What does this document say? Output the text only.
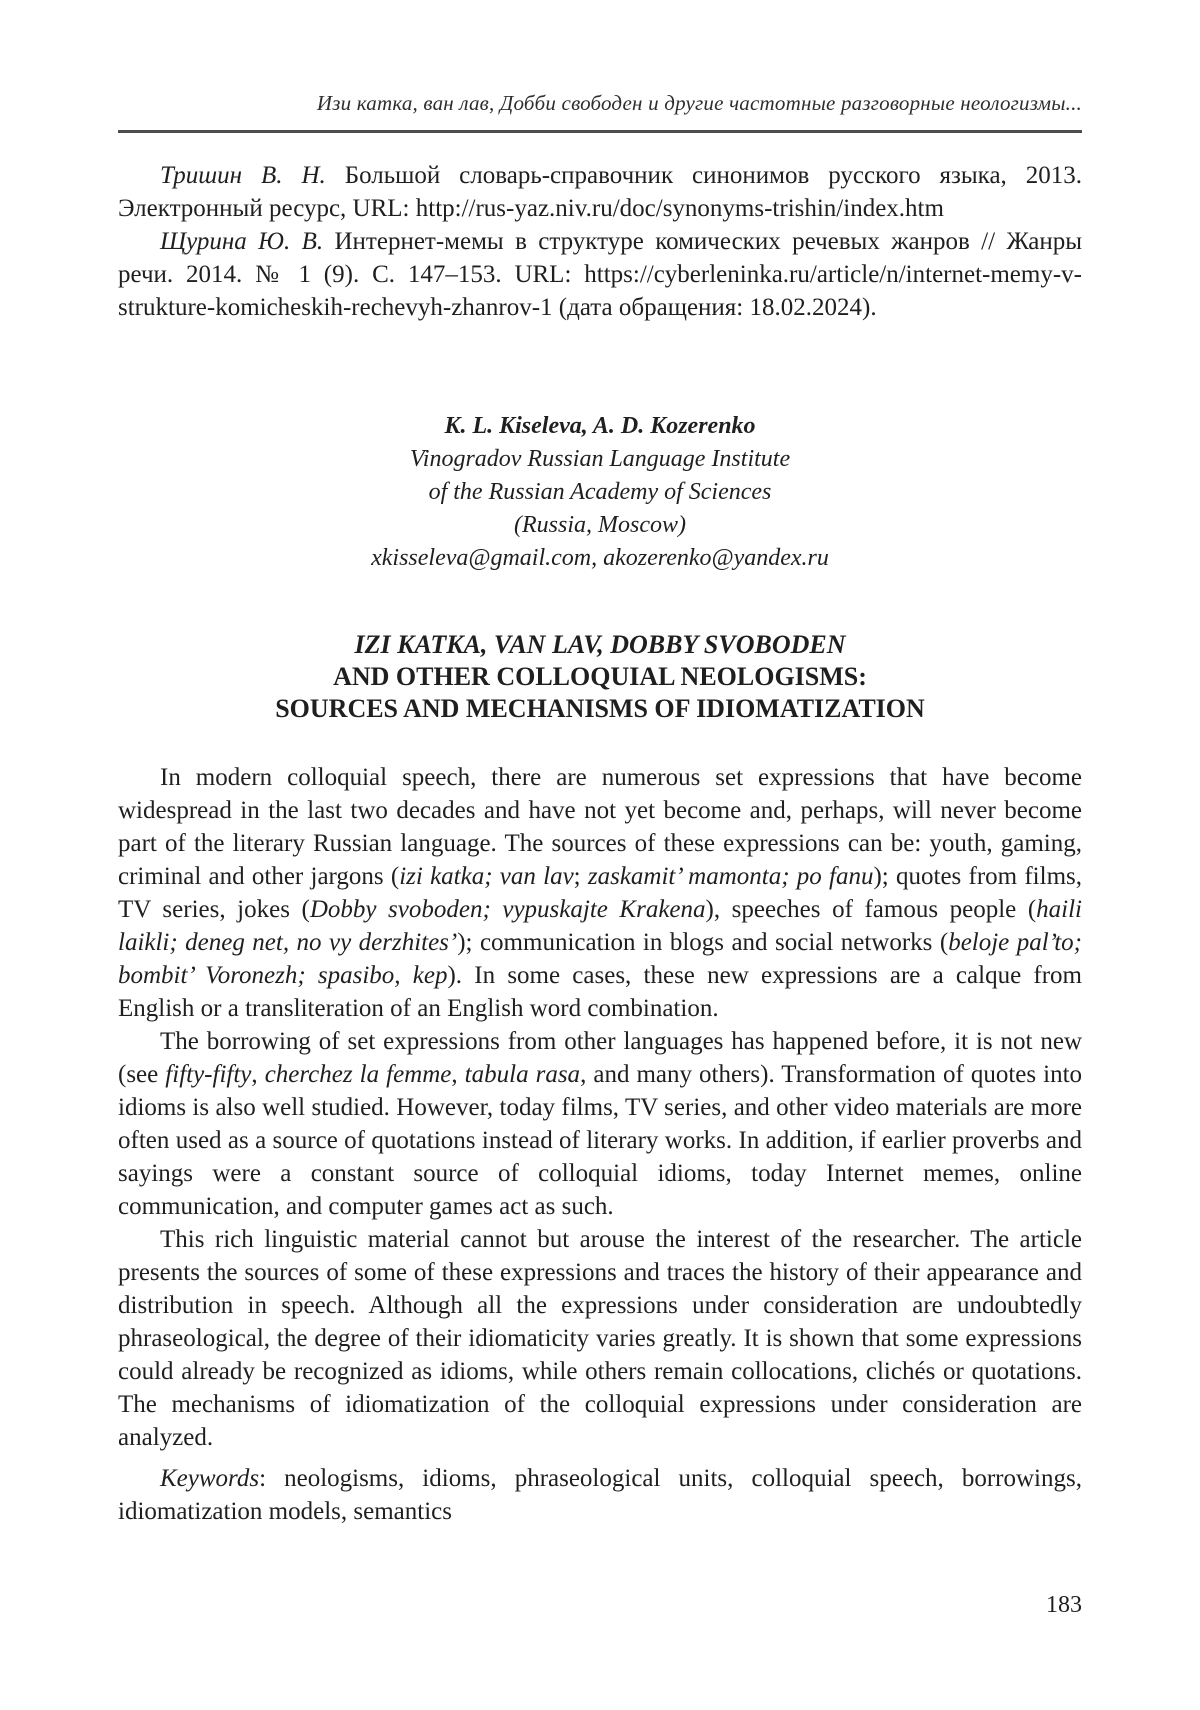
Изи катка, ван лав, Добби свободен и другие частотные разговорные неологизмы...

Тришин В. Н. Большой словарь-справочник синонимов русского языка, 2013. Электронный ресурс, URL: http://rus-yaz.niv.ru/doc/synonyms-trishin/index.htm

Щурина Ю. В. Интернет-мемы в структуре комических речевых жанров // Жанры речи. 2014. № 1 (9). С. 147–153. URL: https://cyberleninka.ru/article/n/internet-memy-v-strukture-komicheskih-rechevyh-zhanrov-1 (дата обращения: 18.02.2024).

K. L. Kiseleva, A. D. Kozerenko
Vinogradov Russian Language Institute
of the Russian Academy of Sciences
(Russia, Moscow)
xkisseleva@gmail.com, akozerenko@yandex.ru
IZI KATKA, VAN LAV, DOBBY SVOBODEN
AND OTHER COLLOQUIAL NEOLOGISMS:
SOURCES AND MECHANISMS OF IDIOMATIZATION

In modern colloquial speech, there are numerous set expressions that have become widespread in the last two decades and have not yet become and, perhaps, will never become part of the literary Russian language. The sources of these expressions can be: youth, gaming, criminal and other jargons (izi katka; van lav; zaskamit’ mamonta; po fanu); quotes from films, TV series, jokes (Dobby svoboden; vypuskajte Krakena), speeches of famous people (haili laikli; deneg net, no vy derzhites’); communication in blogs and social networks (beloje pal’to; bombit’ Voronezh; spasibo, kep). In some cases, these new expressions are a calque from English or a transliteration of an English word combination.

The borrowing of set expressions from other languages has happened before, it is not new (see fifty-fifty, cherchez la femme, tabula rasa, and many others). Transformation of quotes into idioms is also well studied. However, today films, TV series, and other video materials are more often used as a source of quotations instead of literary works. In addition, if earlier proverbs and sayings were a constant source of colloquial idioms, today Internet memes, online communication, and computer games act as such.

This rich linguistic material cannot but arouse the interest of the researcher. The article presents the sources of some of these expressions and traces the history of their appearance and distribution in speech. Although all the expressions under consideration are undoubtedly phraseological, the degree of their idiomaticity varies greatly. It is shown that some expressions could already be recognized as idioms, while others remain collocations, clichés or quotations. The mechanisms of idiomatization of the colloquial expressions under consideration are analyzed.

Keywords: neologisms, idioms, phraseological units, colloquial speech, borrowings, idiomatization models, semantics

183
